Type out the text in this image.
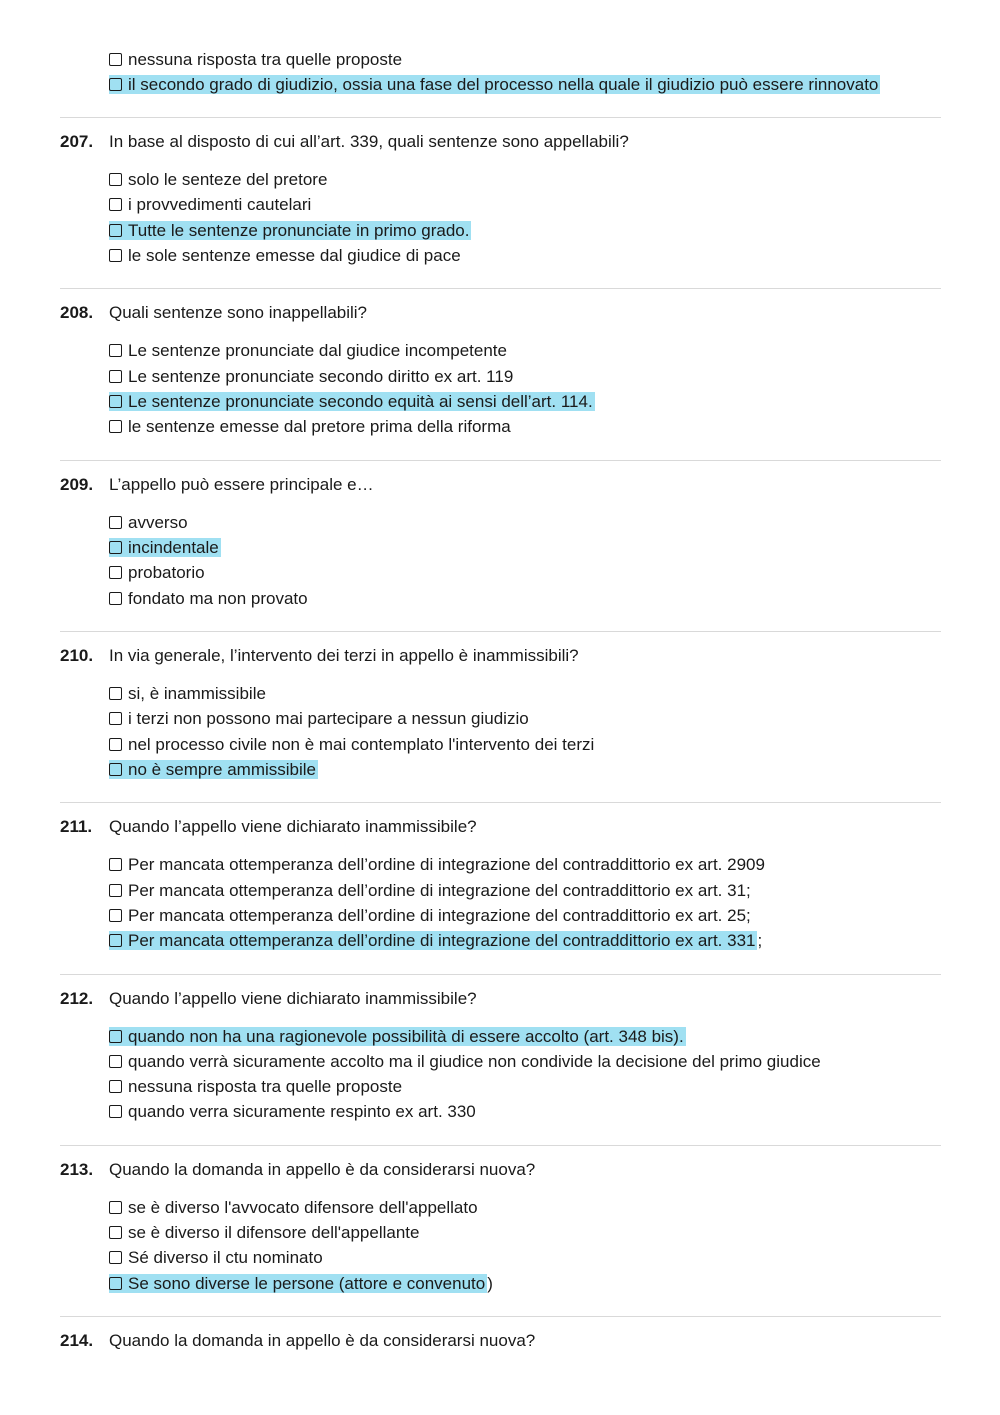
nessuna risposta tra quelle proposte
il secondo grado di giudizio, ossia una fase del processo nella quale il giudizio può essere rinnovato
207. In base al disposto di cui all’art. 339, quali sentenze sono appellabili?
solo le senteze del pretore
i provvedimenti cautelari
Tutte le sentenze pronunciate in primo grado.
le sole sentenze emesse dal giudice di pace
208. Quali sentenze sono inappellabili?
Le sentenze pronunciate dal giudice incompetente
Le sentenze pronunciate secondo diritto ex art. 119
Le sentenze pronunciate secondo equità ai sensi dell’art. 114.
le sentenze emesse dal pretore prima della riforma
209. L’appello può essere principale e…
avverso
incindentale
probatorio
fondato ma non provato
210. In via generale, l’intervento dei terzi in appello è inammissibili?
si, è inammissibile
i terzi non possono mai partecipare a nessun giudizio
nel processo civile non è mai contemplato l'intervento dei terzi
no è sempre ammissibile
211. Quando l’appello viene dichiarato inammissibile?
Per mancata ottemperanza dell’ordine di integrazione del contraddittorio ex art. 2909
Per mancata ottemperanza dell’ordine di integrazione del contraddittorio ex art. 31;
Per mancata ottemperanza dell’ordine di integrazione del contraddittorio ex art. 25;
Per mancata ottemperanza dell’ordine di integrazione del contraddittorio ex art. 331 ;
212. Quando l’appello viene dichiarato inammissibile?
quando non ha una ragionevole possibilità di essere accolto (art. 348 bis).
quando verrà sicuramente accolto ma il giudice non condivide la decisione del primo giudice
nessuna risposta tra quelle proposte
quando verra sicuramente respinto ex art. 330
213. Quando la domanda in appello è da considerarsi nuova?
se è diverso l'avvocato difensore dell'appellato
se è diverso il difensore dell'appellante
Sé diverso il ctu nominato
Se sono diverse le persone (attore e convenuto )
214. Quando la domanda in appello è da considerarsi nuova?
